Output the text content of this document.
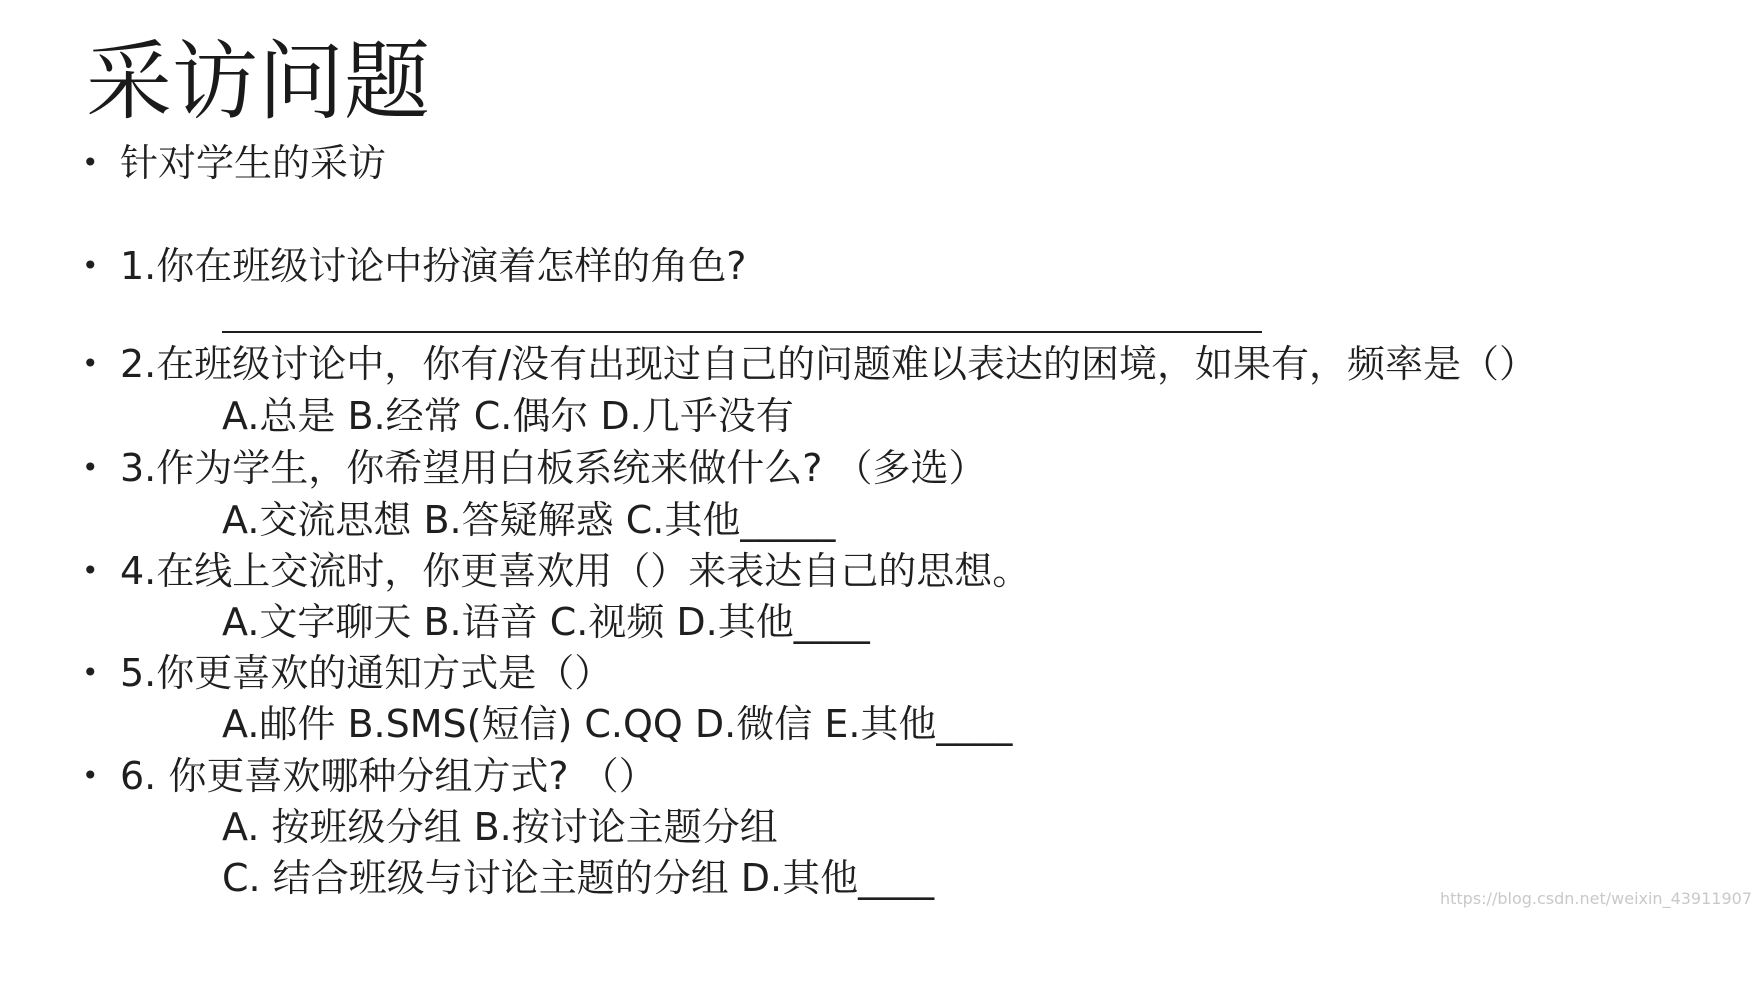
采访问题
• 针对学生的采访
• 1.你在班级讨论中扮演着怎样的角色?
• 2.在班级讨论中，你有/没有出现过自己的问题难以表达的困境，如果有，频率是（）
A.总是 B.经常 C.偶尔 D.几乎没有
• 3.作为学生，你希望用白板系统来做什么? （多选）
A.交流思想 B.答疑解惑 C.其他_____
• 4.在线上交流时，你更喜欢用（）来表达自己的思想。
A.文字聊天 B.语音 C.视频 D.其他____
• 5.你更喜欢的通知方式是（）
A.邮件 B.SMS(短信) C.QQ D.微信 E.其他____
• 6. 你更喜欢哪种分组方式? （）
A. 按班级分组 B.按讨论主题分组
C. 结合班级与讨论主题的分组 D.其他____	https://blog.csdn.net/weixin_43911907
